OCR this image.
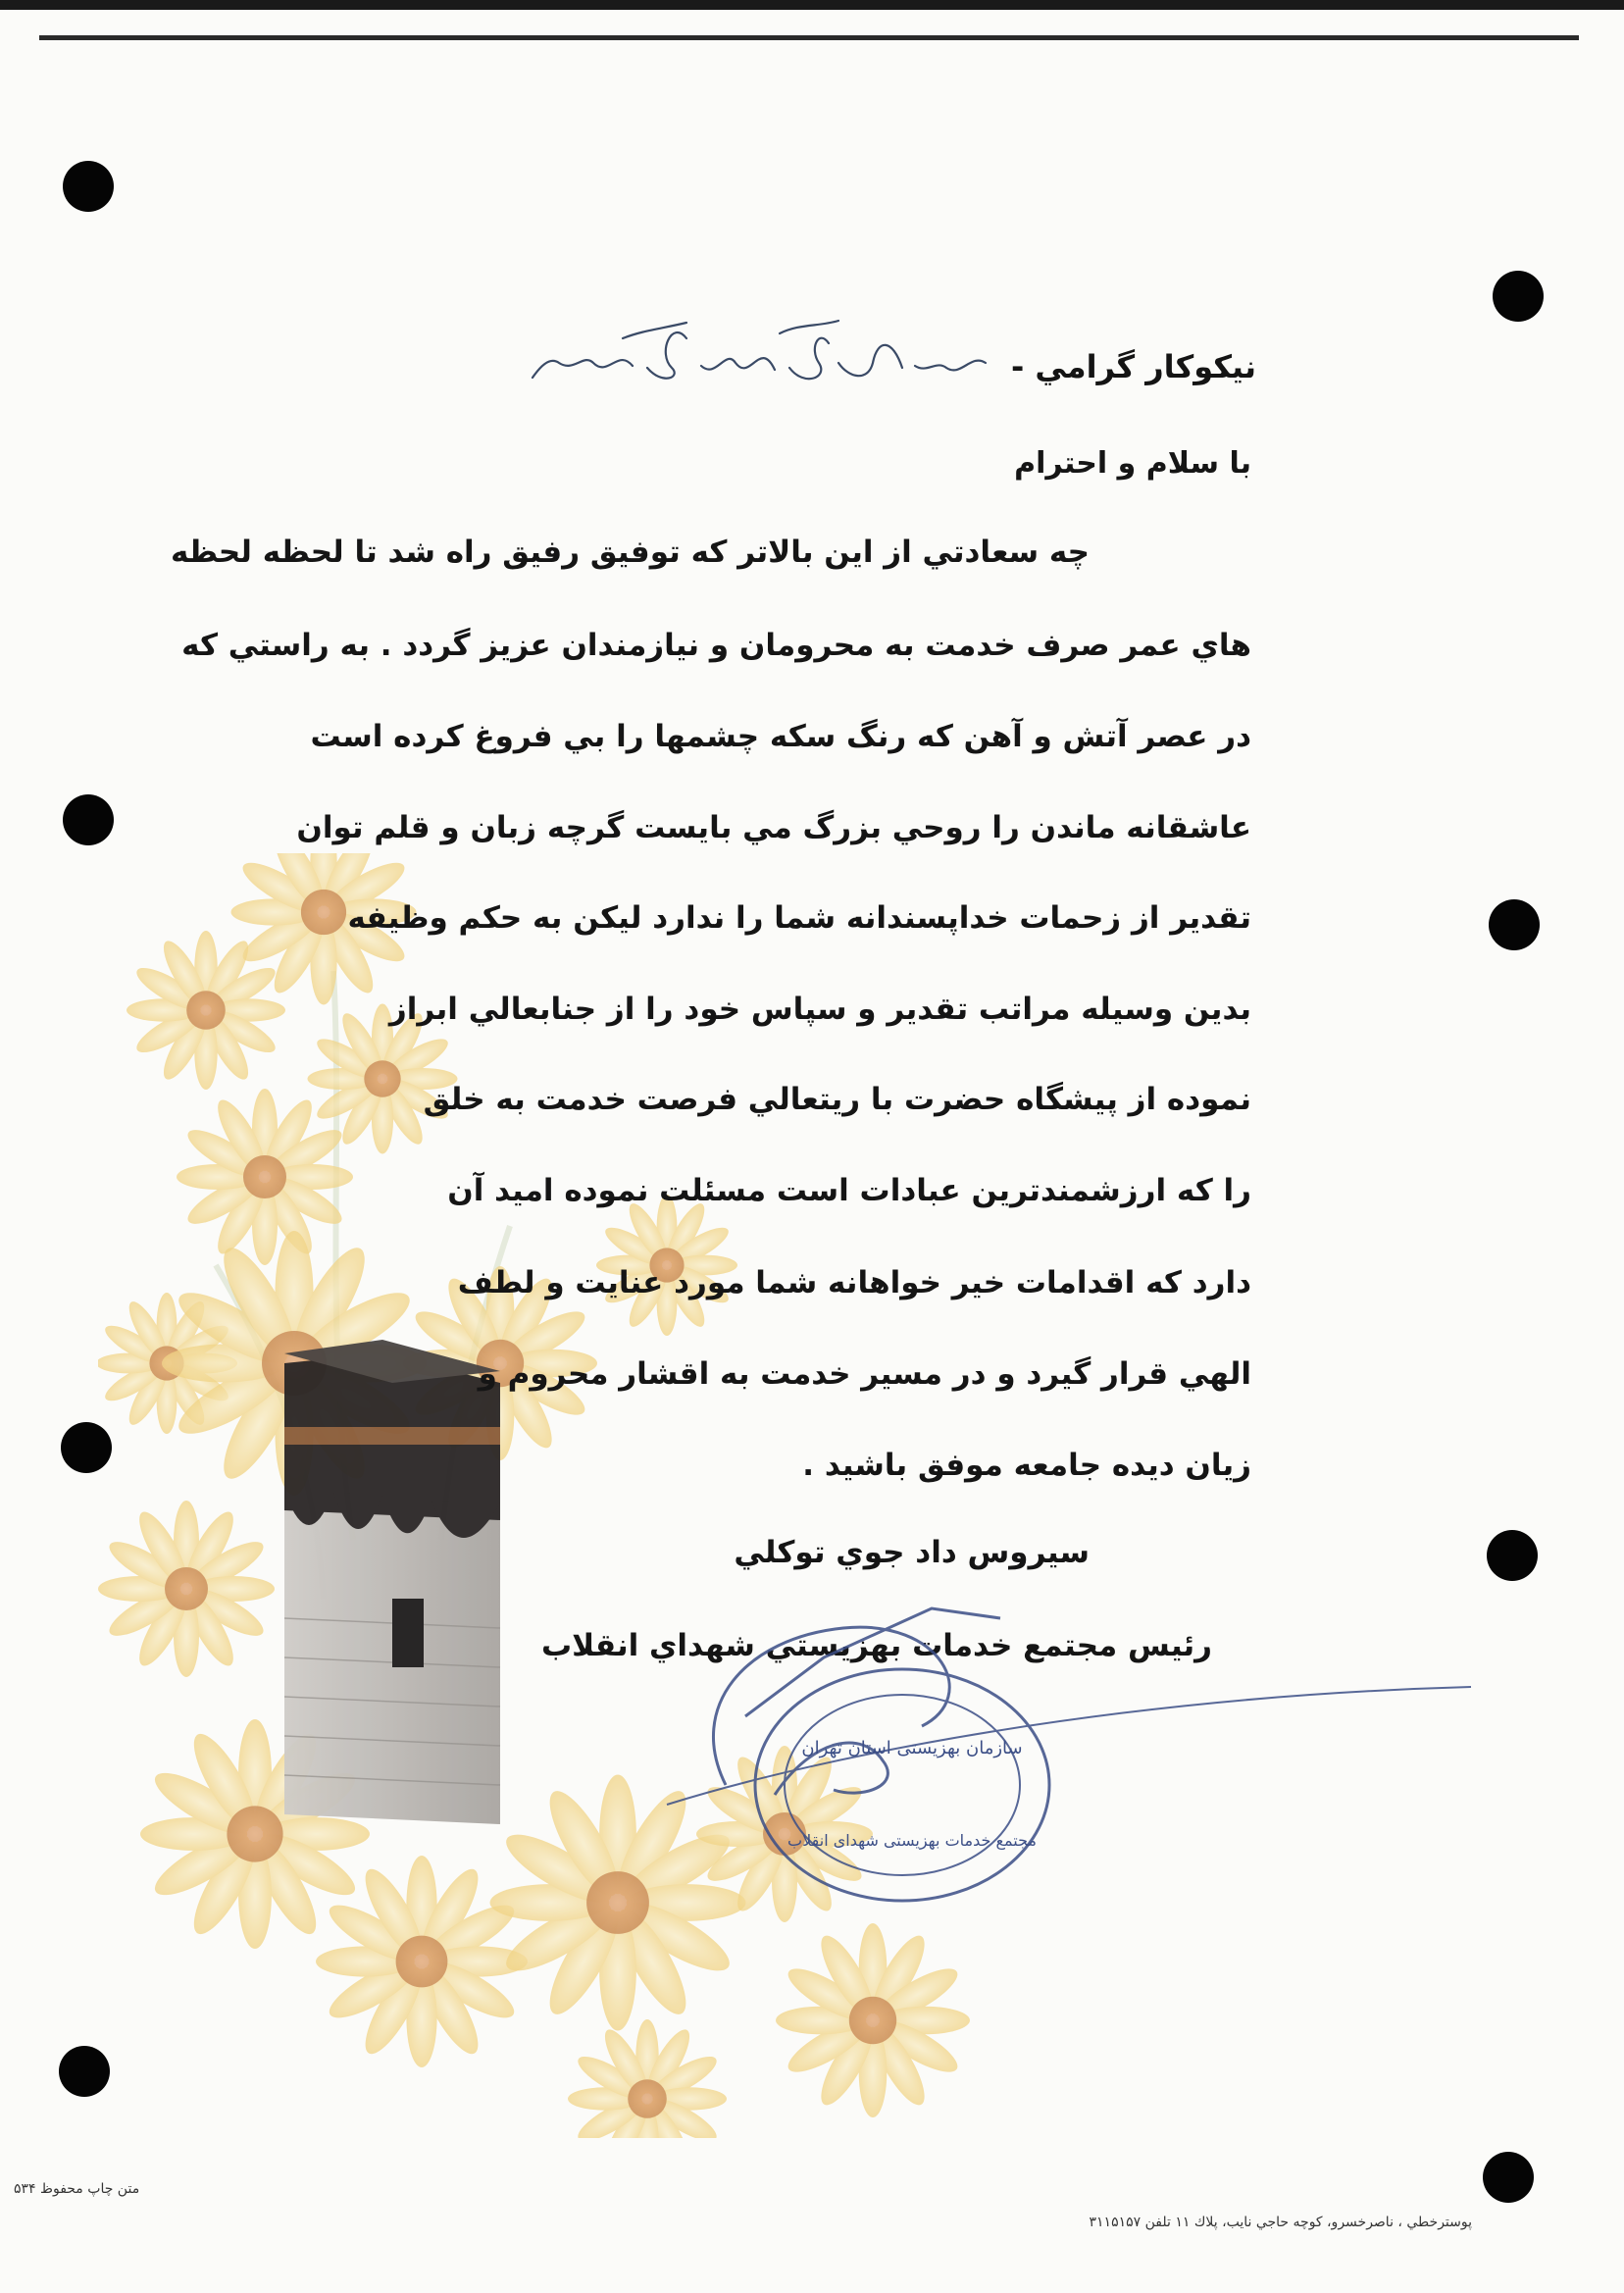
نيكوكار گرامي -
با سلام و احترام
چه سعادتي از اين بالاتر كه توفيق رفيق راه شد تا لحظه لحظه
هاي عمر صرف خدمت به محرومان و نيازمندان عزيز گردد . به راستي كه
در عصر آتش و آهن كه رنگ سكه چشمها را بي فروغ كرده است
عاشقانه ماندن را روحي بزرگ مي بايست گرچه زبان و قلم توان
تقدير از زحمات خداپسندانه شما را ندارد ليكن به حكم وظيفه
بدين وسيله مراتب تقدير و سپاس خود را از جنابعالي ابراز
نموده از پيشگاه حضرت با ريتعالي فرصت خدمت به خلق
را كه ارزشمندترين عبادات است مسئلت نموده اميد آن
دارد كه اقدامات خير خواهانه شما مورد عنايت و لطف
الهي قرار گيرد و در مسير خدمت به اقشار محروم و
زيان ديده جامعه موفق باشيد .
سيروس داد جوي توكلي
رئيس مجتمع خدمات بهزيستي شهداي انقلاب
سازمان بهزیستی استان تهران
مجتمع خدمات بهزیستی شهدای انقلاب
متن چاپ محفوظ ۵۳۴
پوسترخطي ، ناصرخسرو، كوچه حاجي نايب، پلاك ۱۱ تلفن ۳۱۱۵۱۵۷
